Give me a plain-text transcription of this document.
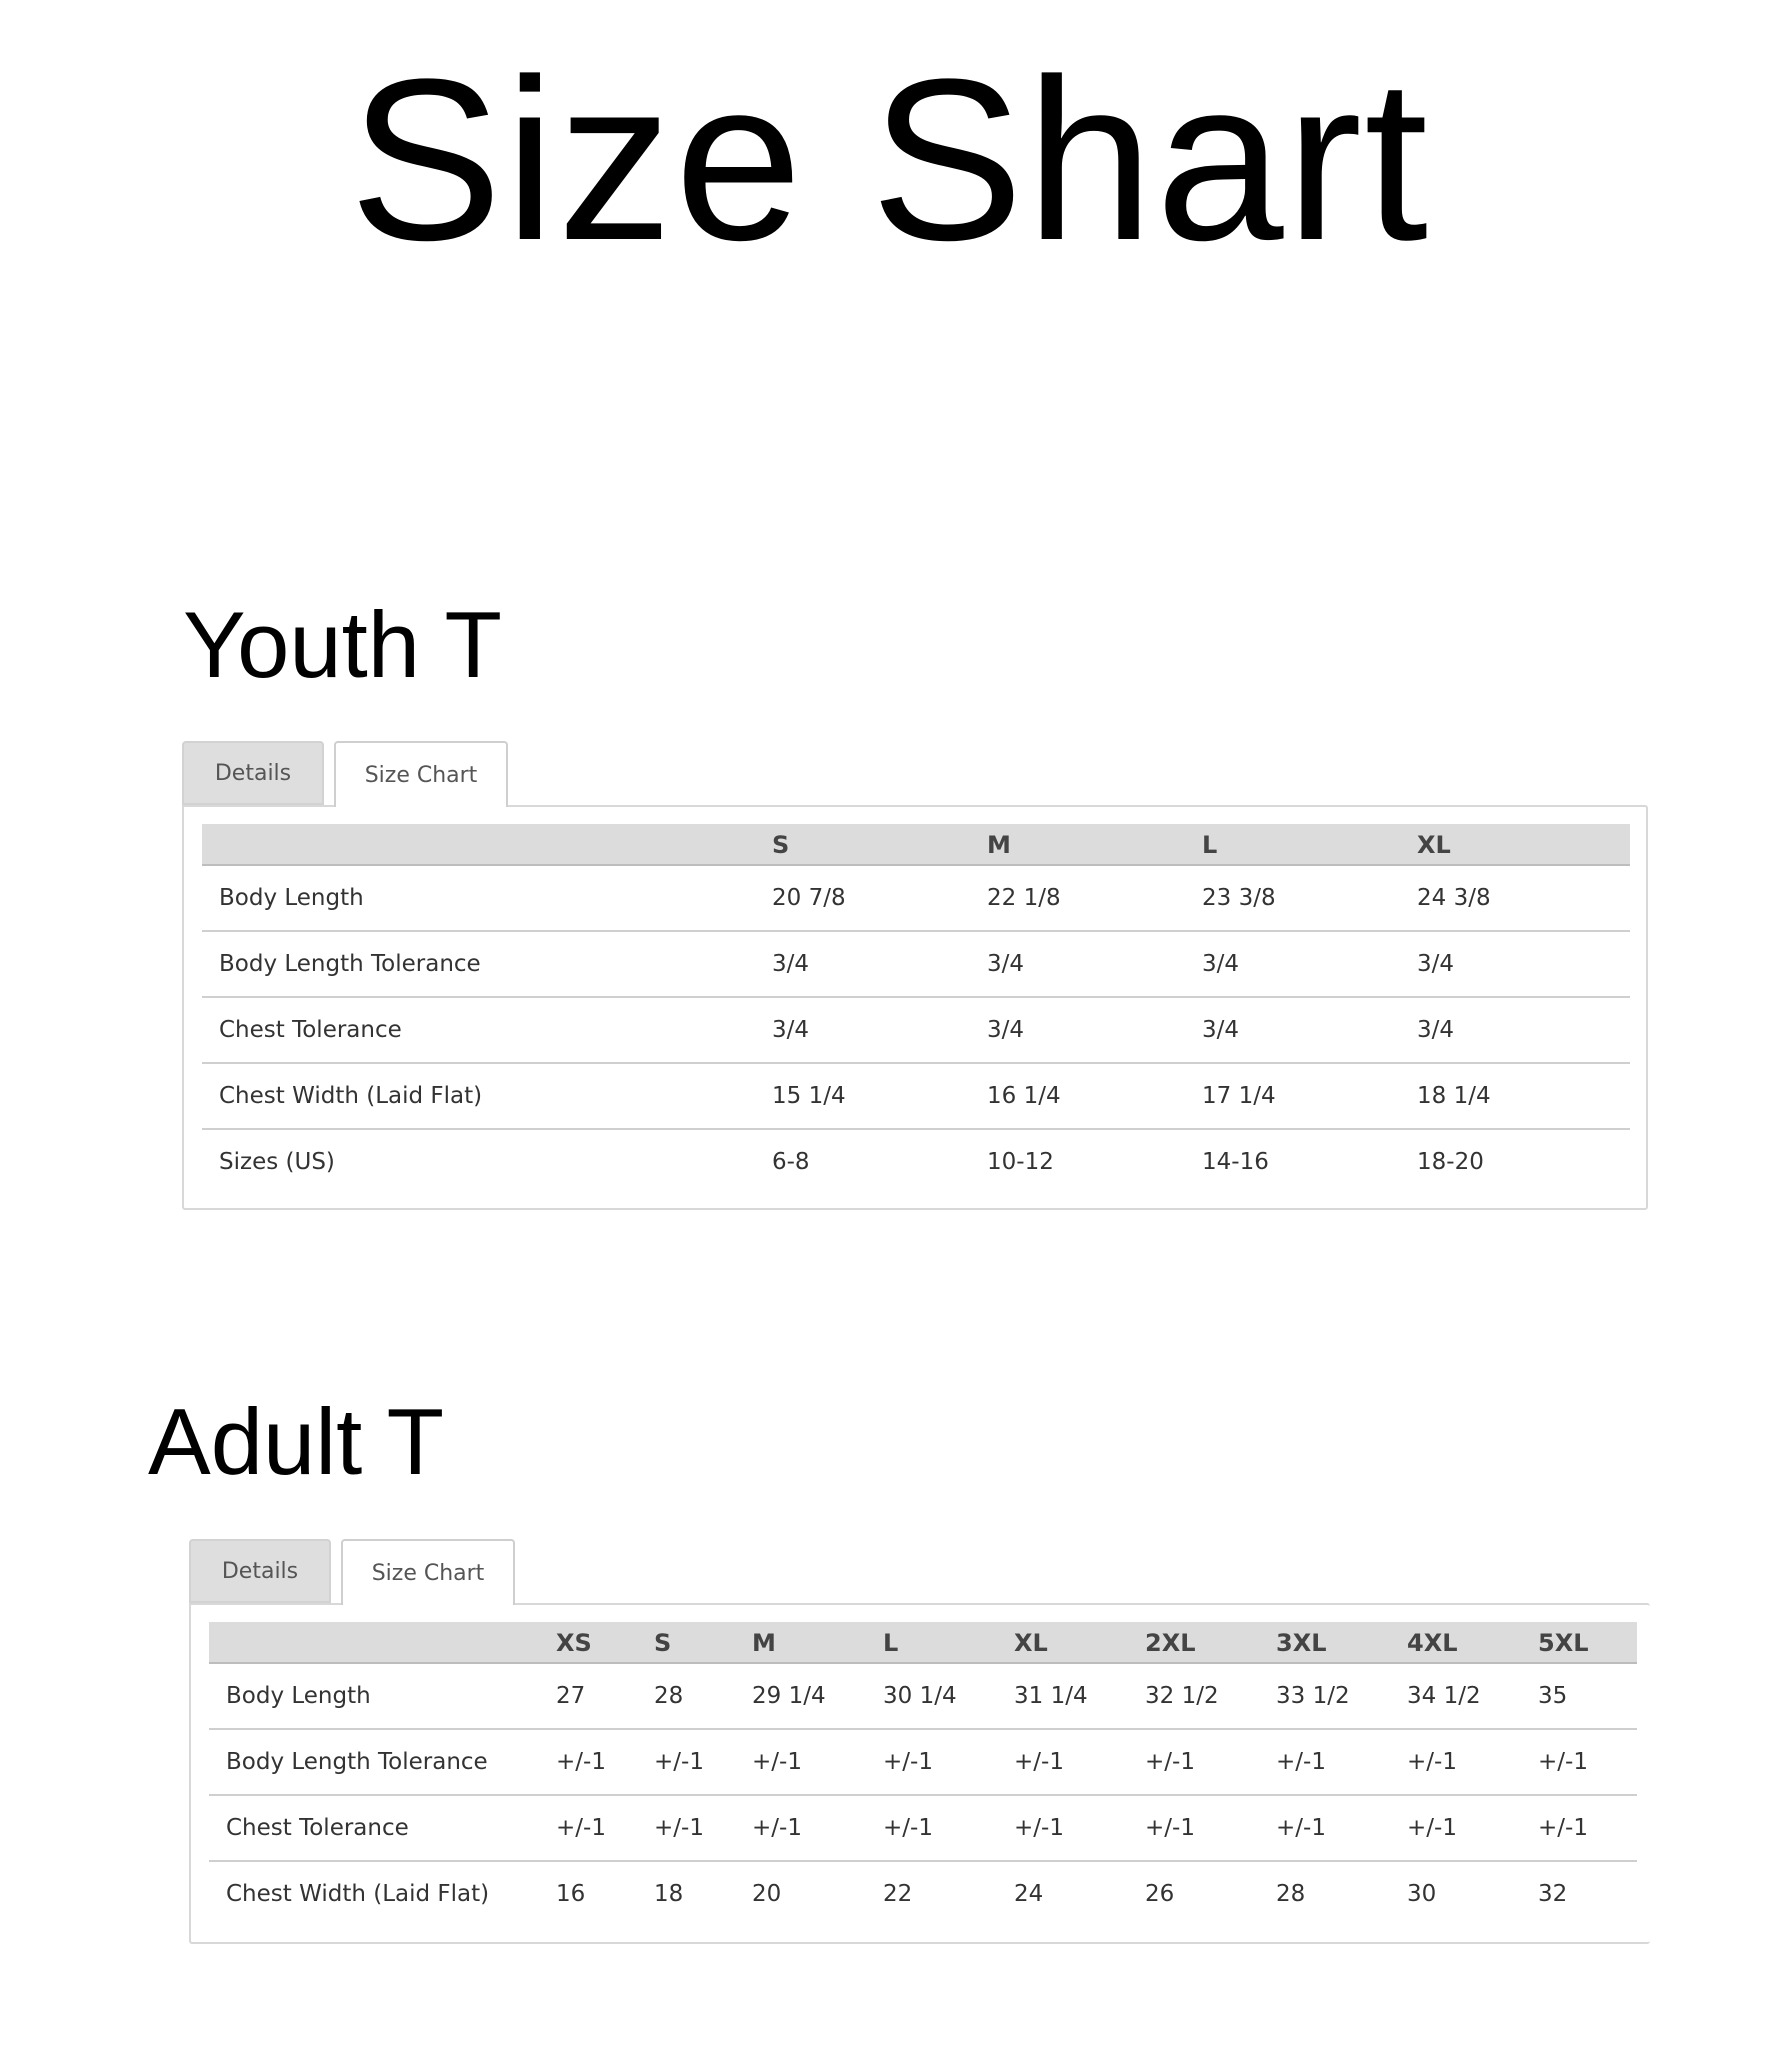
Size Shart
Youth T
Details	Size Chart
	S	M	L	XL
Body Length	20 7/8	22 1/8	23 3/8	24 3/8
Body Length Tolerance	3/4	3/4	3/4	3/4
Chest Tolerance	3/4	3/4	3/4	3/4
Chest Width (Laid Flat)	15 1/4	16 1/4	17 1/4	18 1/4
Sizes (US)	6-8	10-12	14-16	18-20
Adult T
Details	Size Chart
	XS	S	M	L	XL	2XL	3XL	4XL	5XL
Body Length	27	28	29 1/4	30 1/4	31 1/4	32 1/2	33 1/2	34 1/2	35
Body Length Tolerance	+/-1	+/-1	+/-1	+/-1	+/-1	+/-1	+/-1	+/-1	+/-1
Chest Tolerance	+/-1	+/-1	+/-1	+/-1	+/-1	+/-1	+/-1	+/-1	+/-1
Chest Width (Laid Flat)	16	18	20	22	24	26	28	30	32
